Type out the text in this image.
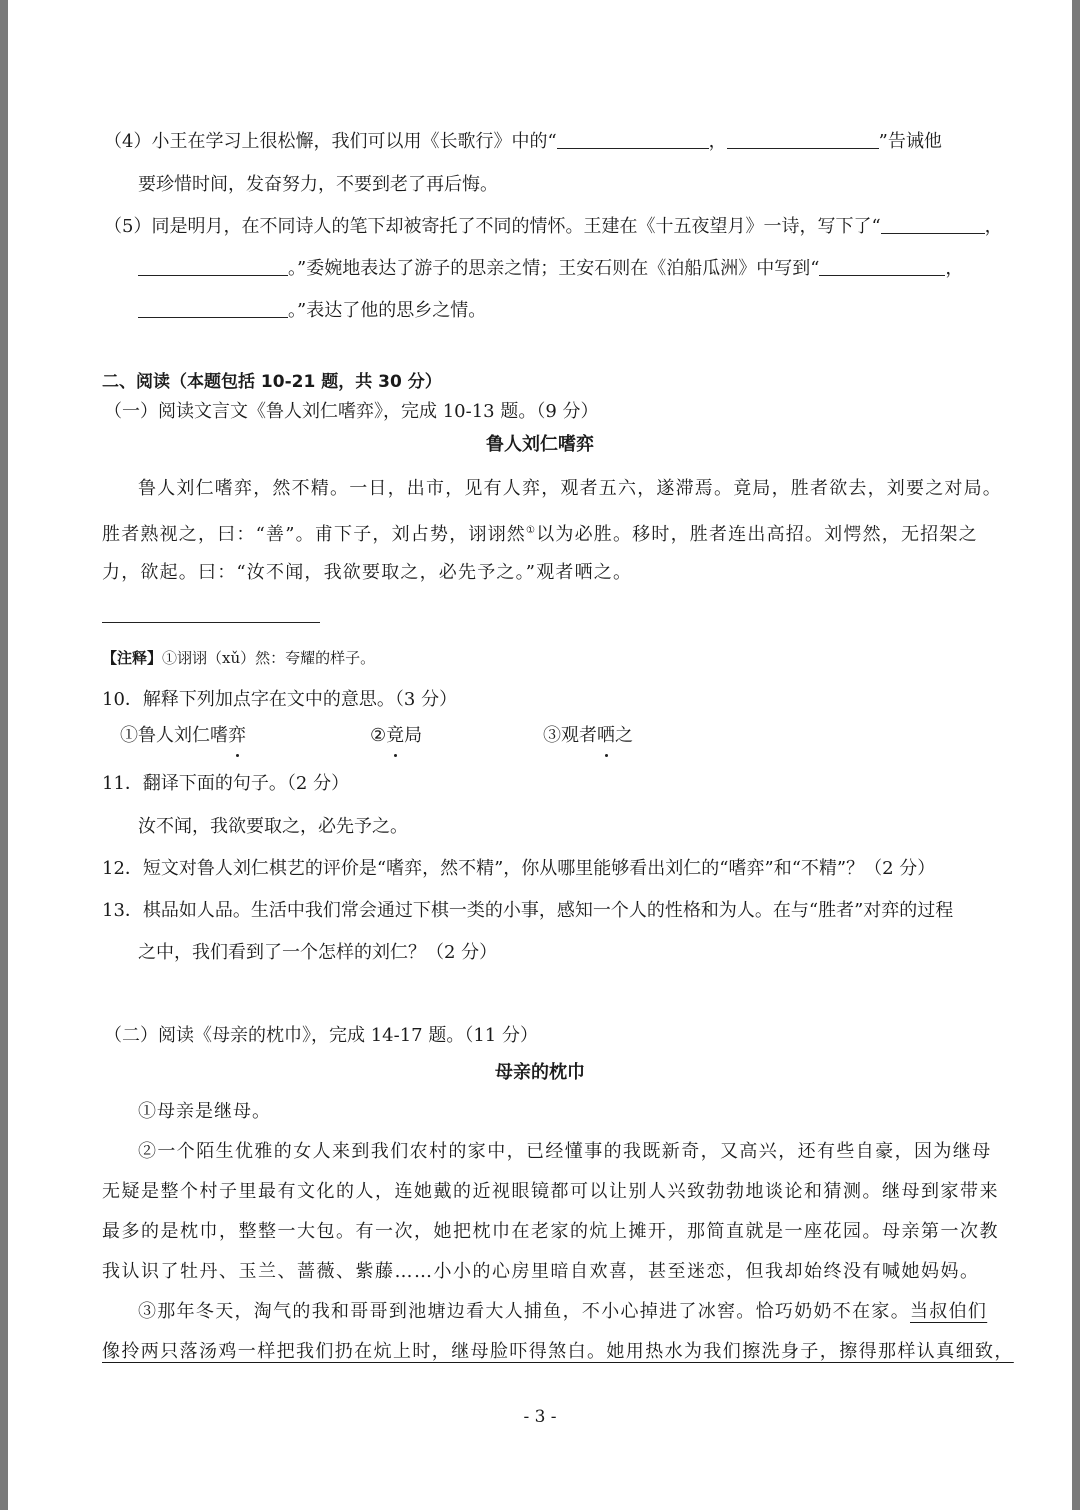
（4）小王在学习上很松懈，我们可以用《长歌行》中的“	，	”告诫他
要珍惜时间，发奋努力，不要到老了再后悔。
（5）同是明月，在不同诗人的笔下却被寄托了不同的情怀。王建在《十五夜望月》一诗，写下了“	，
。”委婉地表达了游子的思亲之情；王安石则在《泊船瓜洲》中写到“	，
。”表达了他的思乡之情。
二、阅读（本题包括 10-21 题，共 30 分）
（一）阅读文言文《鲁人刘仁嗜弈》，完成 10-13 题。（9 分）
鲁人刘仁嗜弈
鲁人刘仁嗜弈，然不精。一日，出市，见有人弈，观者五六，遂滞焉。竟局，胜者欲去，刘要之对局。
胜者熟视之，曰：“善”。甫下子，刘占势，诩诩然①以为必胜。移时，胜者连出高招。刘愕然，无招架之
力，欲起。曰：“汝不闻，我欲要取之，必先予之。”观者哂之。
【注释】①诩诩（xǔ）然：夸耀的样子。
10．解释下列加点字在文中的意思。（3 分）
①鲁人刘仁嗜弈	②竟局	③观者哂之
11．翻译下面的句子。（2 分）
汝不闻，我欲要取之，必先予之。
12．短文对鲁人刘仁棋艺的评价是“嗜弈，然不精”，你从哪里能够看出刘仁的“嗜弈”和“不精”？（2 分）
13．棋品如人品。生活中我们常会通过下棋一类的小事，感知一个人的性格和为人。在与“胜者”对弈的过程
之中，我们看到了一个怎样的刘仁？（2 分）
（二）阅读《母亲的枕巾》，完成 14-17 题。（11 分）
母亲的枕巾
①母亲是继母。
②一个陌生优雅的女人来到我们农村的家中，已经懂事的我既新奇，又高兴，还有些自豪，因为继母
无疑是整个村子里最有文化的人，连她戴的近视眼镜都可以让别人兴致勃勃地谈论和猜测。继母到家带来
最多的是枕巾，整整一大包。有一次，她把枕巾在老家的炕上摊开，那简直就是一座花园。母亲第一次教
我认识了牡丹、玉兰、蔷薇、紫藤……小小的心房里暗自欢喜，甚至迷恋，但我却始终没有喊她妈妈。
③那年冬天，淘气的我和哥哥到池塘边看大人捕鱼，不小心掉进了冰窖。恰巧奶奶不在家。当叔伯们
像拎两只落汤鸡一样把我们扔在炕上时，继母脸吓得煞白。她用热水为我们擦洗身子，擦得那样认真细致，
- 3 -
